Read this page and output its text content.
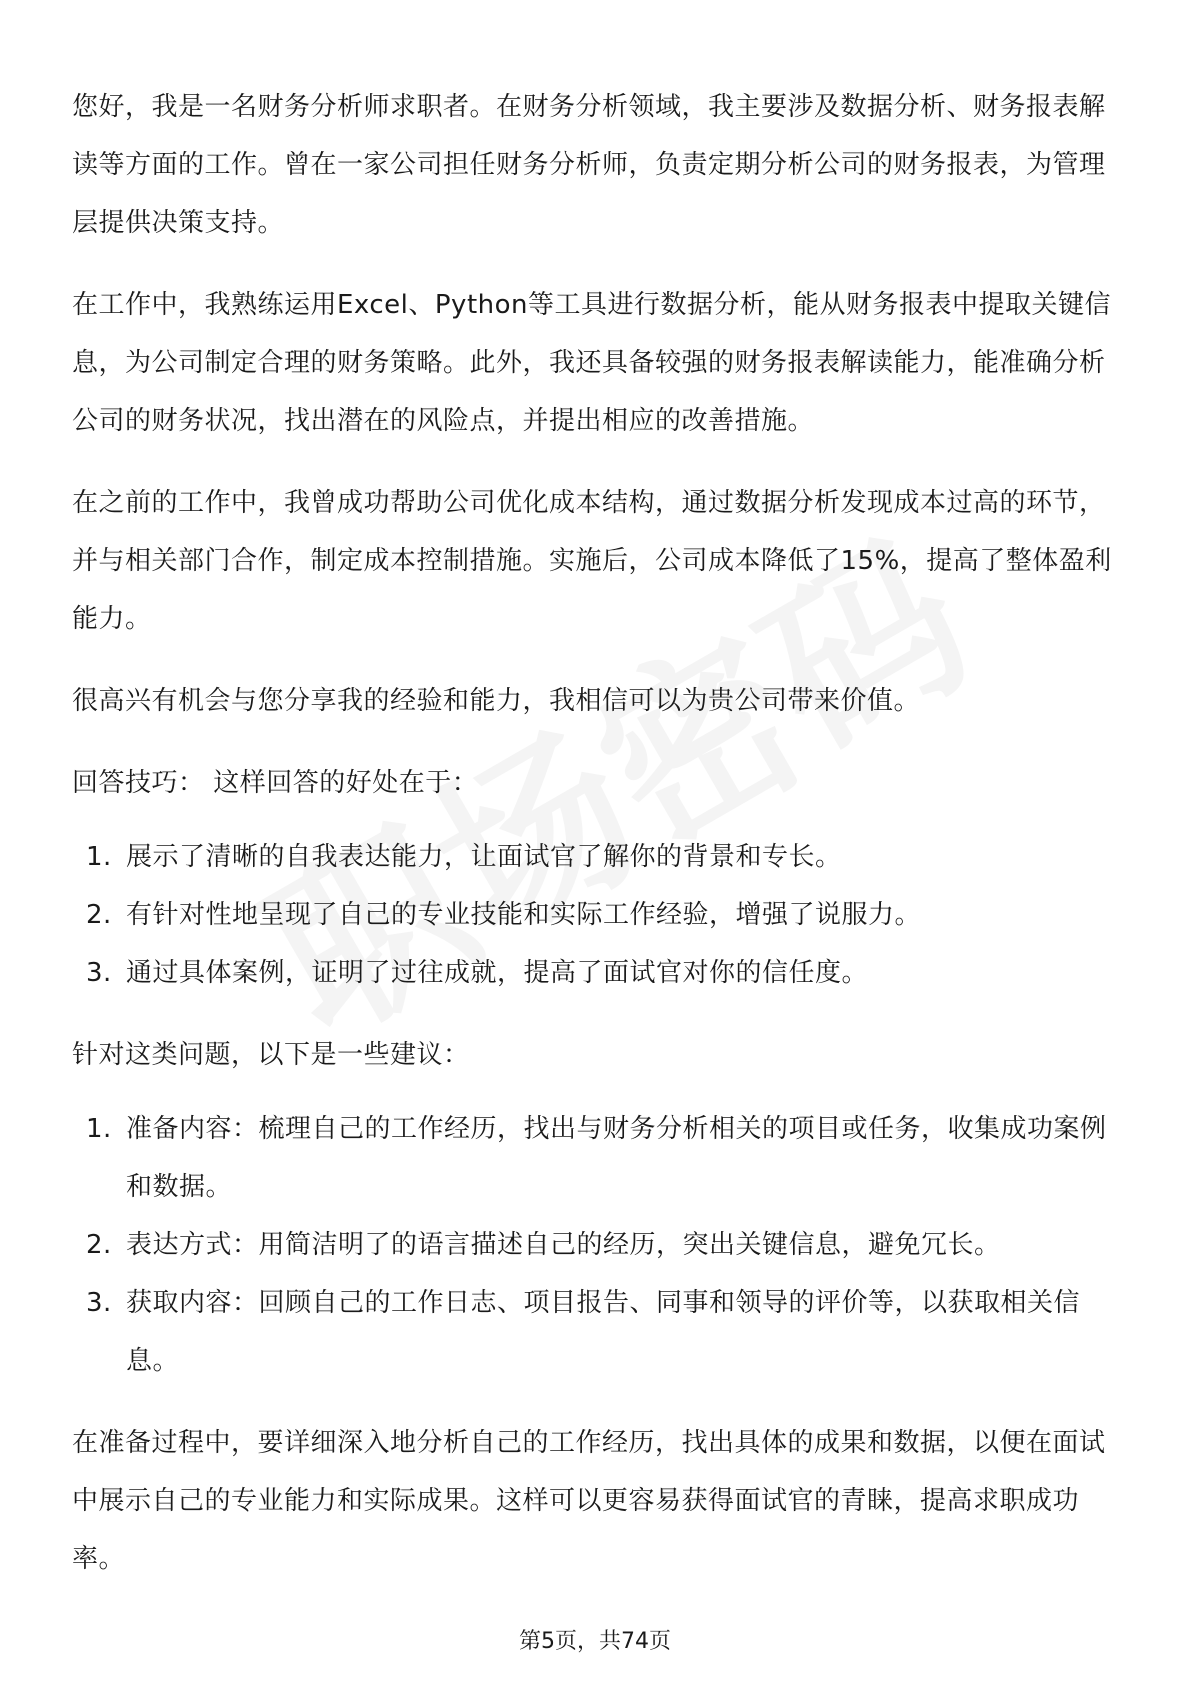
您好，我是一名财务分析师求职者。在财务分析领域，我主要涉及数据分析、财务报表解读等方面的工作。曾在一家公司担任财务分析师，负责定期分析公司的财务报表，为管理层提供决策支持。

在工作中，我熟练运用Excel、Python等工具进行数据分析，能从财务报表中提取关键信息，为公司制定合理的财务策略。此外，我还具备较强的财务报表解读能力，能准确分析公司的财务状况，找出潜在的风险点，并提出相应的改善措施。

在之前的工作中，我曾成功帮助公司优化成本结构，通过数据分析发现成本过高的环节，并与相关部门合作，制定成本控制措施。实施后，公司成本降低了15%，提高了整体盈利能力。

很高兴有机会与您分享我的经验和能力，我相信可以为贵公司带来价值。

回答技巧： 这样回答的好处在于：

1. 展示了清晰的自我表达能力，让面试官了解你的背景和专长。
2. 有针对性地呈现了自己的专业技能和实际工作经验，增强了说服力。
3. 通过具体案例，证明了过往成就，提高了面试官对你的信任度。

针对这类问题，以下是一些建议：

1. 准备内容：梳理自己的工作经历，找出与财务分析相关的项目或任务，收集成功案例和数据。
2. 表达方式：用简洁明了的语言描述自己的经历，突出关键信息，避免冗长。
3. 获取内容：回顾自己的工作日志、项目报告、同事和领导的评价等，以获取相关信息。

在准备过程中，要详细深入地分析自己的工作经历，找出具体的成果和数据，以便在面试中展示自己的专业能力和实际成果。这样可以更容易获得面试官的青睐，提高求职成功率。

第5页，共74页
